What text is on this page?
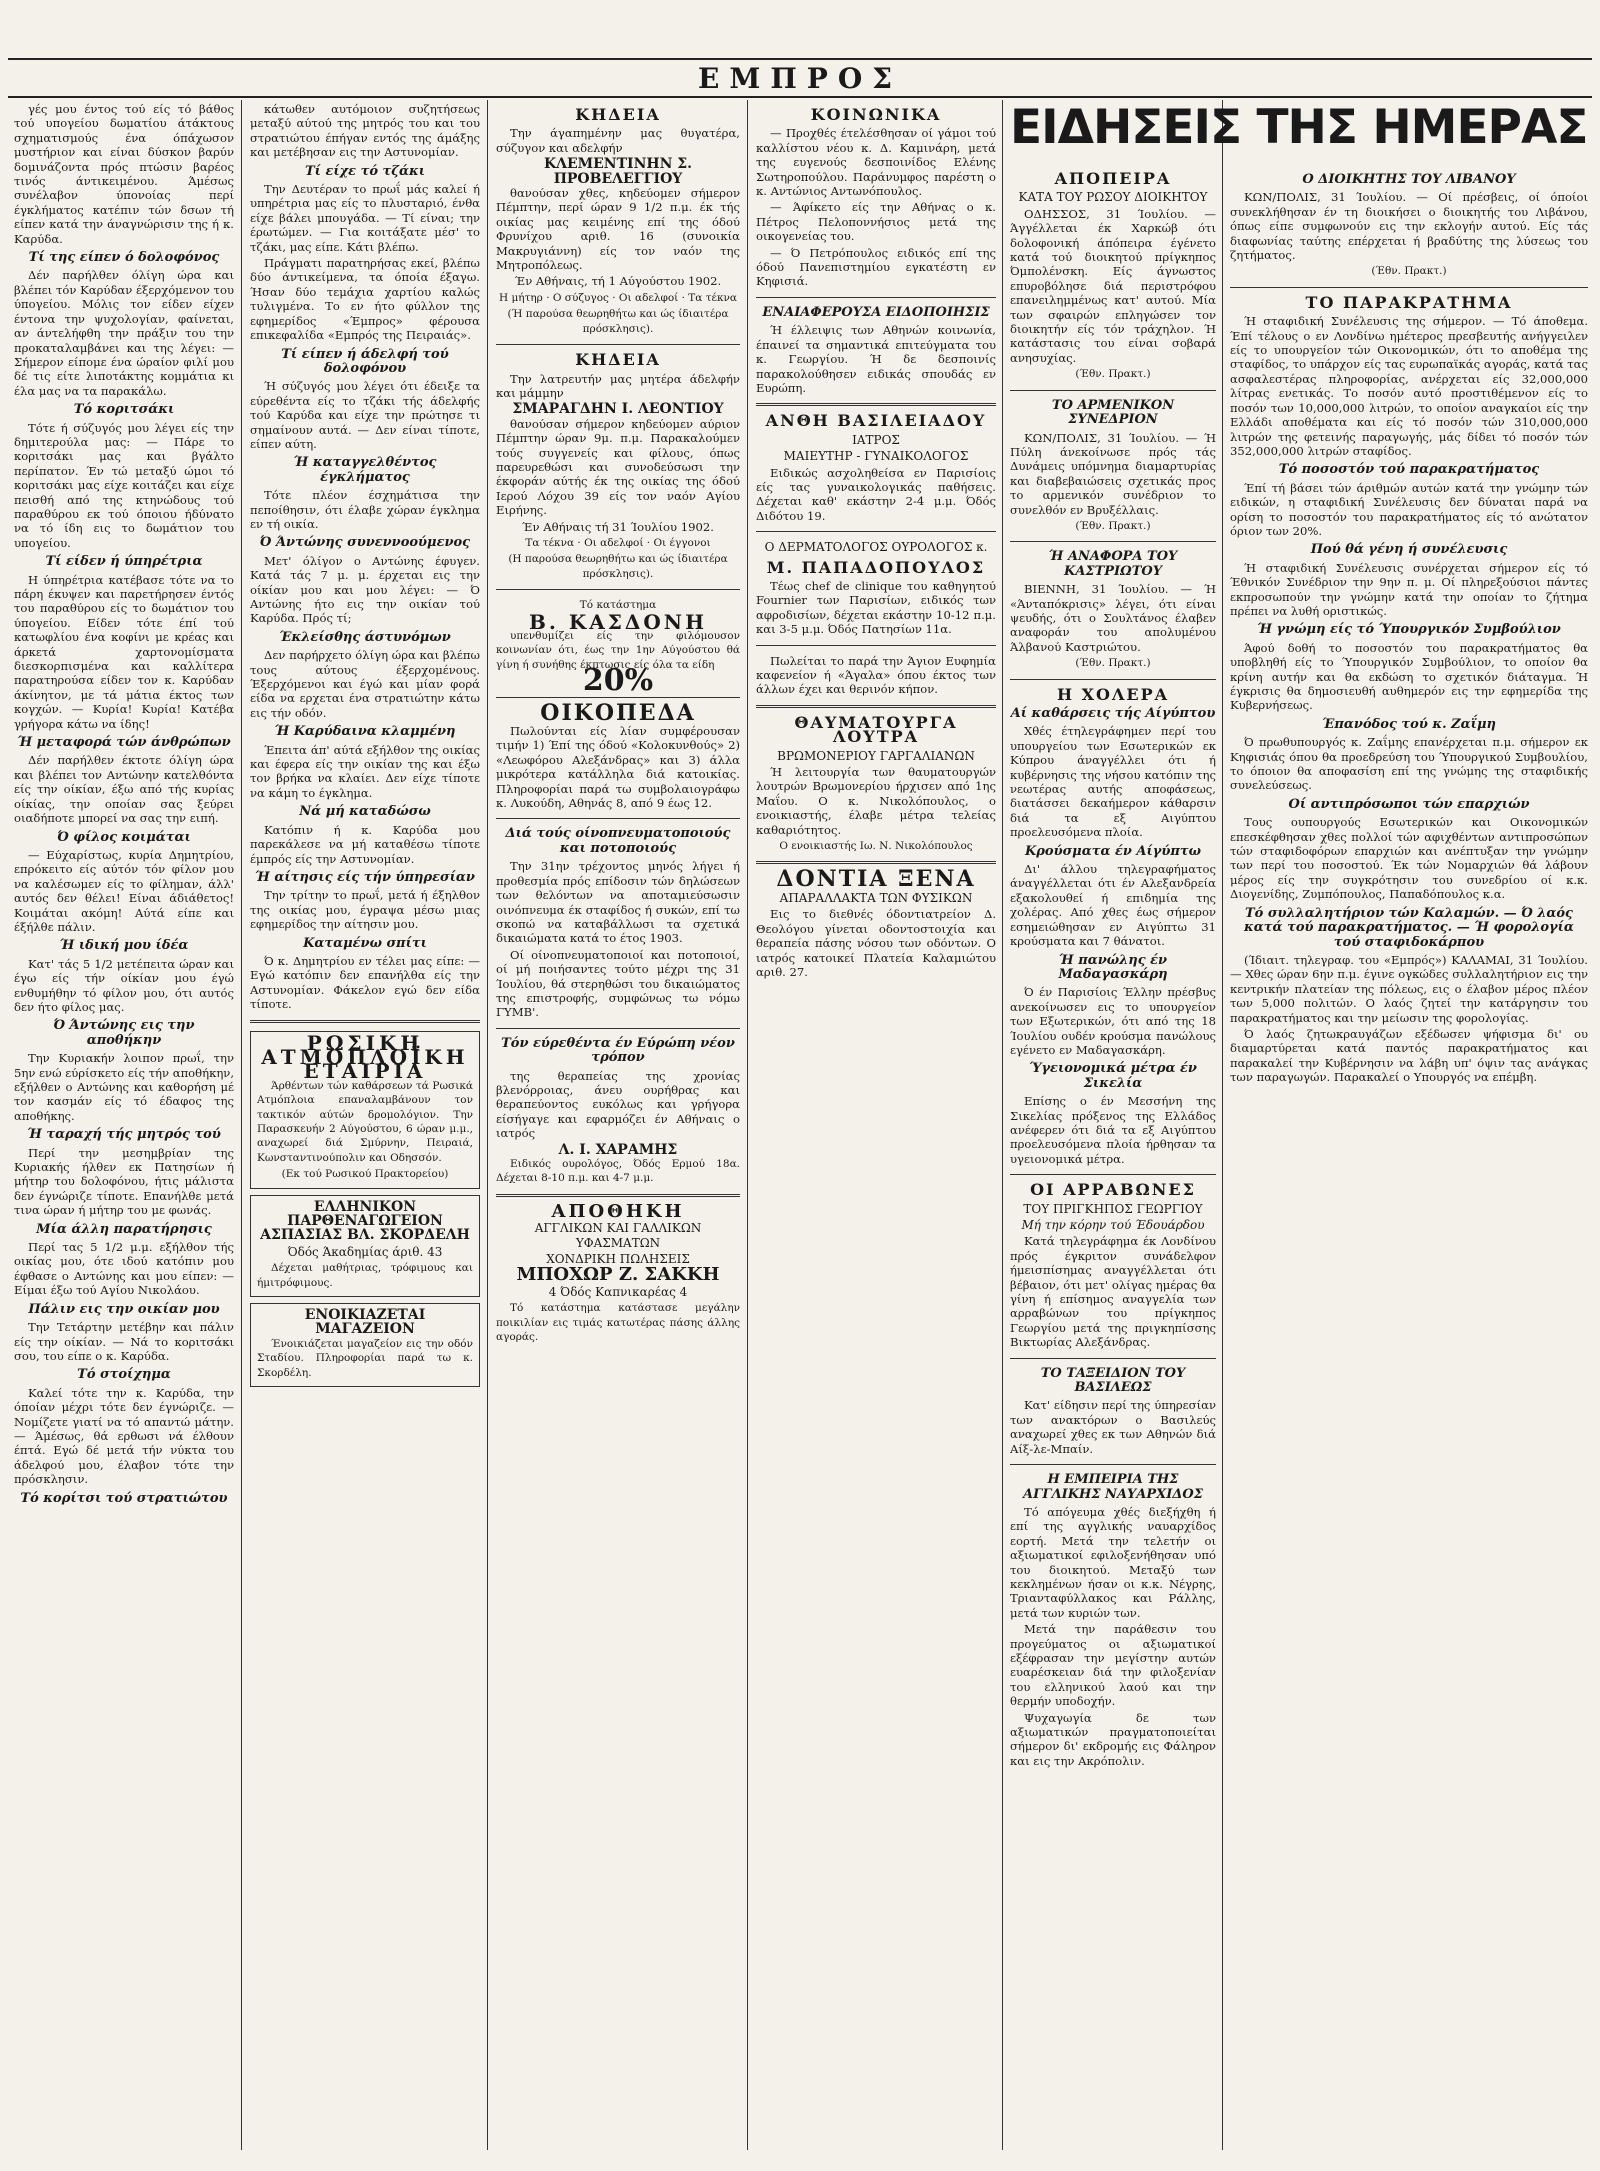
ΕΜΠΡΟΣ

γές μου έντος τού είς τό βάθος τού υπογείου δωματίου άτάκτους σχηματισμούς ένα όπάχωσον μυστήριον και είναι δύσκον βαρύν δομινάζοντα πρός πτώσιν βαρέος τινός άντικειμένου. Άμέσως συνέλαβον ύπονοίας περί έγκλήματος κατέπιν τών δσων τή είπεν κατά την άναγνώρισιν της ή κ. Καρύδα.

Τί της είπεν ό δολοφόνος

Δέν παρήλθεν όλίγη ώρα και βλέπει τόν Καρύδαν έξερχόμενον του ύπογείου. Μόλις τον είδεν είχεν έντονα την ψυχολογίαν, φαίνεται, αν άντελήφθη την πράξιν του την προκαταλαμβάνει και της λέγει: — Σήμερον είπομε ένα ώραίον φιλί μου δέ τις είτε λιποτάκτης κομμάτια κι έλα μας να τα παρακάλω.

Τό κοριτσάκι

Τότε ή σύζυγός μου λέγει είς την δημιτερούλα μας: — Πάρε το κοριτσάκι μας και βγάλτο περίπατον. Έν τώ μεταξύ ώμοι τό κοριτσάκι μας είχε κοιτάζει και είχε πεισθή από της κτηνώδους τού παραθύρου εκ τού όποιου ήδύνατο να τό ίδη εις το δωμάτιον του υπογείου.

Τί είδεν ή ύπηρέτρια

Η ύπηρέτρια κατέβασε τότε να το πάρη έκυψεν και παρετήρησεν έντός του παραθύρου είς το δωμάτιον του ύπογείου. Είδεν τότε έπί τού κατωφλίου ένα κοφίνι με κρέας και άρκετά χαρτονομίσματα διεσκορπισμένα και καλλίτερα παρατηρούσα είδεν τον κ. Καρύδαν άκίνητον, με τά μάτια έκτος των κογχών. — Κυρία! Κυρία! Κατέβα γρήγορα κάτω να ίδης!

Ή μεταφορά τών άνθρώπων

Δέν παρήλθεν έκτοτε όλίγη ώρα και βλέπει τον Αντώνην κατελθόντα είς την οίκίαν, έξω από τής κυρίας οίκίας, την οποίαν σας ξεύρει οιαδήποτε μπορεί να σας την ειπή.

Ό φίλος κοιμάται

— Εύχαρίστως, κυρία Δημητρίου, επρόκειτο είς αύτόν τόν φίλον μου να καλέσωμεν είς το φίλημαν, άλλ' αυτός δεν θέλει! Είναι άδιάθετος! Κοιμάται ακόμη! Αύτά είπε και έξήλθε πάλιν.

Ή ιδική μου ίδέα

Κατ' τάς 5 1/2 μετέπειτα ώραν και έγω είς τήν οίκίαν μου έγώ ενθυμήθην τό φίλον μου, ότι αυτός δεν ήτο φίλος μας.

Ό Άντώνης εις την αποθήκην

Την Κυριακήν λοιπον πρωΐ, την 5ην ενώ εύρίσκετο είς τήν αποθήκην, εξήλθεν ο Αντώνης και καθορήση μέ τον κασμάν είς τό έδαφος της αποθήκης.

Ή ταραχή τής μητρός τού

Περί την μεσημβρίαν της Κυριακής ήλθεν εκ Πατησίων ή μήτηρ του δολοφόνου, ήτις μάλιστα δεν έγνώριζε τίποτε. Επανήλθε μετά τινα ώραν ή μήτηρ του με φωνάς.

Μία άλλη παρατήρησις

Περί τας 5 1/2 μ.μ. εξήλθον τής οικίας μου, ότε ιδού κατόπιν μου έφθασε ο Αντώνης και μου είπεν: — Είμαι έξω τού Αγίου Νικολάου.

Πάλιν εις την οικίαν μου

Την Τετάρτην μετέβην και πάλιν είς την οίκίαν. — Νά το κοριτσάκι σου, του είπε ο κ. Καρύδα.

Τό στοίχημα

Καλεί τότε την κ. Καρύδα, την όποίαν μέχρι τότε δεν έγνώριζε. — Νομίζετε γιατί να τό απαντώ μάτην. — Άμέσως, θά ερθωσι νά έλθουν έπτά. Εγώ δέ μετά τήν νύκτα του άδελφού μου, έλαβον τότε την πρόσκλησιν.

Τό κορίτσι τού στρατιώτου

κάτωθεν αυτόμοιον συζητήσεως μεταξύ αύτού της μητρός του και του στρατιώτου έπήγαν εντός της άμάξης και μετέβησαν εις την Αστυνομίαν.

Τί είχε τό τζάκι

Την Δευτέραν το πρωΐ μάς καλεί ή υπηρέτρια μας είς το πλυσταριό, ένθα είχε βάλει μπουγάδα. — Τί είναι; την έρωτώμεν. — Για κοιτάξατε μέσ' το τζάκι, μας είπε. Κάτι βλέπω.

Πράγματι παρατηρήσας εκεί, βλέπω δύο άντικείμενα, τα όποία έξαγω. Ήσαν δύο τεμάχια χαρτίου καλώς τυλιγμένα. Το εν ήτο φύλλον της εφημερίδος «Έμπρος» φέρουσα επικεφαλίδα «Εμπρός της Πειραιάς».

Τί είπεν ή άδελφή τού δολοφόνου

Ή σύζυγός μου λέγει ότι έδειξε τα εύρεθέντα είς το τζάκι τής άδελφής τού Καρύδα και είχε την πρώτησε τι σημαίνουν αυτά. — Δεν είναι τίποτε, είπεν αύτη.

Ή καταγγελθέντος έγκλήματος

Τότε πλέον έσχημάτισα την πεποίθησιν, ότι έλαβε χώραν έγκλημα εν τή οικία.

Ό Άντώνης συνεννοούμενος

Μετ' όλίγον ο Αντώνης έφυγεν. Κατά τάς 7 μ. μ. έρχεται εις την οίκίαν μου και μου λέγει: — Ό Αντώνης ήτο εις την οικίαν τού Καρύδα. Πρός τί;

Έκλείσθης άστυνόμων

Δεν παρήρχετο όλίγη ώρα και βλέπω τους αύτους έξερχομένους. Έξερχόμενοι και έγώ και μίαν φορά είδα να ερχεται ένα στρατιώτην κάτω εις τήν οδόν.

Ή Καρύδαινα κλαμμένη

Έπειτα άπ' αύτά εξήλθον της οικίας και έφερα είς την οικίαν της και έξω τον βρήκα να κλαίει. Δεν είχε τίποτε να κάμη το έγκλημα.

Νά μή καταδώσω

Κατόπιν ή κ. Καρύδα μου παρεκάλεσε να μή καταθέσω τίποτε έμπρός είς την Αστυνομίαν.

Ή αίτησις είς τήν ύπηρεσίαν

Την τρίτην το πρωΐ, μετά ή έξηλθον της οικίας μου, έγραψα μέσω μιας εφημερίδος την αίτησιν μου.

Καταμένω σπίτι

Ό κ. Δημητρίου εν τέλει μας είπε: — Εγώ κατόπιν δεν επανήλθα είς την Αστυνομίαν. Φάκελον εγώ δεν είδα τίποτε.

ΡΩΣΙΚΗ ΑΤΜΟΠΛΟΪΚΗ ΕΤΑΙΡΙΑ

Άρθέντων τών καθάρσεων τά Ρωσικά Ατμόπλοια επαναλαμβάνουν τον τακτικόν αύτών δρομολόγιον. Την Παρασκευήν 2 Αύγούστου, 6 ώραν μ.μ., αναχωρεί διά Σμύρνην, Πειραιά, Κωνσταντινούπολιν και Οδησσόν.

(Εκ τού Ρωσικού Πρακτορείου)

ΕΛΛΗΝΙΚΟΝ ΠΑΡΘΕΝΑΓΩΓΕΙΟΝ
ΑΣΠΑΣΙΑΣ ΒΛ. ΣΚΟΡΔΕΛΗ
Όδός Άκαδημίας άριθ. 43

Δέχεται μαθήτριας, τρόφιμους και ήμιτρόφιμους.

ΕΝΟΙΚΙΑΖΕΤΑΙ ΜΑΓΑΖΕΙΟΝ

Ένοικιάζεται μαγαζείον εις την οδόν Σταδίου. Πληροφορίαι παρά τω κ. Σκορδέλη.

ΚΗΔΕΙΑ

Την άγαπημένην μας θυγατέρα, σύζυγον και αδελφήν

ΚΛΕΜΕΝΤΙΝΗΝ Σ. ΠΡΟΒΕΛΕΓΓΙΟΥ

θανούσαν χθες, κηδεύομεν σήμερον Πέμπτην, περί ώραν 9 1/2 π.μ. έκ τής οικίας μας κειμένης επί της όδού Φρυνίχου αριθ. 16 (συνοικία Μακρυγιάννη) είς τον ναόν της Μητροπόλεως.

Έν Αθήναις, τή 1 Αύγούστου 1902.

Η μήτηρ · Ο σύζυγος · Οι αδελφοί · Τα τέκνα

(Ή παρούσα θεωρηθήτω και ώς ίδιαιτέρα πρόσκλησις).

ΚΗΔΕΙΑ

Την λατρευτήν μας μητέρα άδελφήν και μάμμην

ΣΜΑΡΑΓΔΗΝ Ι. ΛΕΟΝΤΙΟΥ

θανούσαν σήμερον κηδεύομεν αύριον Πέμπτην ώραν 9μ. π.μ. Παρακαλούμεν τούς συγγενείς και φίλους, όπως παρευρεθώσι και συνοδεύσωσι την έκφοράν αύτής έκ της οικίας της όδού Ιερού Λόχου 39 είς τον ναόν Αγίου Ειρήνης.

Έν Αθήναις τή 31 Ίουλίου 1902.

Τα τέκνα · Οι αδελφοί · Οι έγγονοι

(Η παρούσα θεωρηθήτω και ώς ίδιαιτέρα πρόσκλησις).

Τό κατάστημα

Β. ΚΑΣΔΟΝΗ

υπενθυμίζει είς την φιλόμουσον κοινωνίαν ότι, έως την 1ην Αύγούστου θά γίνη ή συνήθης έκπτωσις είς όλα τα είδη

20%
ΟΙΚΟΠΕΔΑ

Πωλούνται είς λίαν συμφέρουσαν τιμήν 1) Έπί της όδού «Κολοκυνθούς» 2) «Λεωφόρου Αλεξάνδρας» και 3) άλλα μικρότερα κατάλληλα διά κατοικίας. Πληροφορίαι παρά τω συμβολαιογράφω κ. Λυκούδη, Αθηνάς 8, από 9 έως 12.

Διά τούς οίνοπνευματοποιούς και ποτοποιούς

Την 31ην τρέχοντος μηνός λήγει ή προθεσμία πρός επίδοσιν τών δηλώσεων των θελόντων να αποταμιεύσωσιν οινόπνευμα έκ σταφίδος ή συκών, επί τω σκοπώ να καταβάλλωσι τα σχετικά δικαιώματα κατά το έτος 1903.

Οί οίνοπνευματοποιοί και ποτοποιοί, οί μή ποιήσαντες τούτο μέχρι της 31 Ίουλίου, θά στερηθώσι του δικαιώματος της επιστροφής, συμφώνως τω νόμω ΓΥΜΒ'.

Τόν εύρεθέντα έν Εύρώπη νέον τρόπον

της θεραπείας της χρονίας βλενόρροιας, άνευ ουρήθρας και θεραπεύοντος ευκόλως και γρήγορα είσήγαγε και εφαρμόζει έν Αθήναις ο ιατρός

Λ. Ι. ΧΑΡΑΜΗΣ

Ειδικός ουρολόγος, Όδός Ερμού 18α. Δέχεται 8-10 π.μ. και 4-7 μ.μ.

ΑΠΟΘΗΚΗ
ΑΓΓΛΙΚΩΝ ΚΑΙ ΓΑΛΛΙΚΩΝ ΥΦΑΣΜΑΤΩΝ
ΧΟΝΔΡΙΚΗ ΠΩΛΗΣΕΙΣ
ΜΠΟΧΩΡ Ζ. ΣΑΚΚΗ
4 Όδός Καπνικαρέας 4

Τό κατάστημα κατάστασε μεγάλην ποικιλίαν εις τιμάς κατωτέρας πάσης άλλης αγοράς.

ΚΟΙΝΩΝΙΚΑ

— Προχθές έτελέσθησαν οί γάμοι τού καλλίστου νέου κ. Δ. Καμινάρη, μετά της ευγενούς δεσποινίδος Ελένης Σωτηροπούλου. Παράνυμφος παρέστη ο κ. Αντώνιος Αντωνόπουλος.

— Άφίκετο είς την Αθήνας ο κ. Πέτρος Πελοποννήσιος μετά της οικογενείας του.

— Ό Πετρόπουλος ειδικός επί της όδού Πανεπιστημίου εγκατέστη εν Κηφισιά.

ΕΝΑΙΑΦΕΡΟΥΣΑ ΕΙΔΟΠΟΙΗΣΙΣ

Ή έλλειψις των Αθηνών κοινωνία, έπαινεί τα σημαντικά επιτεύγματα του κ. Γεωργίου. Ή δε δεσποινίς παρακολούθησεν ειδικάς σπουδάς εν Ευρώπη.

ΑΝΘΗ ΒΑΣΙΛΕΙΑΔΟΥ
ΙΑΤΡΟΣ
ΜΑΙΕΥΤΗΡ - ΓΥΝΑΙΚΟΛΟΓΟΣ

Ειδικώς ασχοληθείσα εν Παρισίοις είς τας γυναικολογικάς παθήσεις. Δέχεται καθ' εκάστην 2-4 μ.μ. Όδός Διδότου 19.

Ο ΔΕΡΜΑΤΟΛΟΓΟΣ ΟΥΡΟΛΟΓΟΣ κ.
Μ. ΠΑΠΑΔΟΠΟΥΛΟΣ

Τέως chef de clinique του καθηγητού Fournier των Παρισίων, ειδικός των αφροδισίων, δέχεται εκάστην 10-12 π.μ. και 3-5 μ.μ. Όδός Πατησίων 11α.

Πωλείται το παρά την Άγιον Ευφημία καφενείον ή «Άγαλα» όπου έκτος των άλλων έχει και θερινόν κήπον.

ΘΑΥΜΑΤΟΥΡΓΑ ΛΟΥΤΡΑ
ΒΡΩΜΟΝΕΡΙΟΥ ΓΑΡΓΑΛΙΑΝΩΝ

Ή λειτουργία των θαυματουργών λουτρών Βρωμονερίου ήρχισεν από 1ης Μαΐου. Ο κ. Νικολόπουλος, ο ενοικιαστής, έλαβε μέτρα τελείας καθαριότητος.

Ο ενοικιαστής Ιω. Ν. Νικολόπουλος

ΔΟΝΤΙΑ ΞΕΝΑ
ΑΠΑΡΑΛΛΑΚΤΑ ΤΩΝ ΦΥΣΙΚΩΝ

Εις το διεθνές όδοντιατρείον Δ. Θεολόγου γίνεται οδοντοστοιχία και θεραπεία πάσης νόσου των οδόντων. Ο ιατρός κατοικεί Πλατεία Καλαμιώτου αριθ. 27.

ΕΙΔΗΣΕΙΣ ΤΗΣ ΗΜΕΡΑΣ
ΑΠΟΠΕΙΡΑ
ΚΑΤΑ ΤΟΥ ΡΩΣΟΥ ΔΙΟΙΚΗΤΟΥ

ΟΔΗΣΣΟΣ, 31 Ίουλίου. — Άγγέλλεται έκ Χαρκώβ ότι δολοφονική άπόπειρα έγένετο κατά τού διοικητού πρίγκηπος Όμπολένσκη. Είς άγνωστος επυροβόλησε διά περιστρόφου επανειλημμένως κατ' αυτού. Μία των σφαιρών επληγώσεν τον διοικητήν είς τόν τράχηλον. Ή κατάστασις του είναι σοβαρά ανησυχίας.

(Έθν. Πρακτ.)

ΤΟ ΑΡΜΕΝΙΚΟΝ ΣΥΝΕΔΡΙΟΝ

ΚΩΝ/ΠΟΛΙΣ, 31 Ίουλίου. — Ή Πύλη άνεκοίνωσε πρός τάς Δυνάμεις υπόμνημα διαμαρτυρίας και διαβεβαιώσεις σχετικάς προς το αρμενικόν συνέδριον το συνελθόν εν Βρυξέλλαις.

(Έθν. Πρακτ.)

Ή ΑΝΑΦΟΡΑ ΤΟΥ ΚΑΣΤΡΙΩΤΟΥ

ΒΙΕΝΝΗ, 31 Ίουλίου. — Ή «Άνταπόκρισις» λέγει, ότι είναι ψευδής, ότι ο Σουλτάνος έλαβεν αναφοράν του απολυμένου Άλβανού Καστριώτου.

(Έθν. Πρακτ.)

Η ΧΟΛΕΡΑ
Αί καθάρσεις τής Αίγύπτου

Χθές έτηλεγράφημεν περί του υπουργείου των Εσωτερικών εκ Κύπρου άναγγέλλει ότι ή κυβέρνησις της νήσου κατόπιν της νεωτέρας αυτής αποφάσεως, διατάσσει δεκαήμερον κάθαρσιν διά τα εξ Αιγύπτου προελευσόμενα πλοία.

Κρούσματα έν Αίγύπτω

Δι' άλλου τηλεγραφήματος άναγγέλλεται ότι έν Αλεξανδρεία εξακολουθεί ή επιδημία της χολέρας. Από χθες έως σήμερον εσημειώθησαν εν Αιγύπτω 31 κρούσματα και 7 θάνατοι.

Ή πανώλης έν Μαδαγασκάρη

Ό έν Παρισίοις Έλλην πρέσβυς ανεκοίνωσεν εις το υπουργείον των Εξωτερικών, ότι από της 18 Ίουλίου ουδέν κρούσμα πανώλους εγένετο εν Μαδαγασκάρη.

Ύγειονομικά μέτρα έν Σικελία

Επίσης ο έν Μεσσήνη της Σικελίας πρόξενος της Ελλάδος ανέφερεν ότι διά τα εξ Αιγύπτου προελευσόμενα πλοία ήρθησαν τα υγειονομικά μέτρα.

ΟΙ ΑΡΡΑΒΩΝΕΣ
ΤΟΥ ΠΡΙΓΚΗΠΟΣ ΓΕΩΡΓΙΟΥ
Μή την κόρην τού Έδουάρδου

Κατά τηλεγράφημα έκ Λονδίνου πρός έγκριτον συνάδελφον ήμεισπίσημας αναγγέλλεται ότι βέβαιον, ότι μετ' ολίγας ημέρας θα γίνη ή επίσημος αναγγελία των αρραβώνων του πρίγκηπος Γεωργίου μετά της πριγκηπίσσης Βικτωρίας Αλεξάνδρας.

ΤΟ ΤΑΞΕΙΔΙΟΝ ΤΟΥ ΒΑΣΙΛΕΩΣ

Κατ' είδησιν περί της ύπηρεσίαν των ανακτόρων ο Βασιλεύς αναχωρεί χθες εκ των Αθηνών διά Αίξ-λε-Μπαίν.

Η ΕΜΠΕΙΡΙΑ ΤΗΣ ΑΓΓΛΙΚΗΣ ΝΑΥΑΡΧΙΔΟΣ

Τό απόγευμα χθές διεξήχθη ή επί της αγγλικής ναυαρχίδος εορτή. Μετά την τελετήν οι αξιωματικοί εφιλοξενήθησαν υπό του διοικητού. Μεταξύ των κεκλημένων ήσαν οι κ.κ. Νέγρης, Τριανταφύλλακος και Ράλλης, μετά των κυριών των.

Μετά την παράθεσιν του προγεύματος οι αξιωματικοί εξέφρασαν την μεγίστην αυτών ευαρέσκειαν διά την φιλοξενίαν του ελληνικού λαού και την θερμήν υποδοχήν.

Ψυχαγωγία δε των αξιωματικών πραγματοποιείται σήμερον δι' εκδρομής εις Φάληρον και εις την Ακρόπολιν.

Ο ΔΙΟΙΚΗΤΗΣ ΤΟΥ ΛΙΒΑΝΟΥ

ΚΩΝ/ΠΟΛΙΣ, 31 Ίουλίου. — Οί πρέσβεις, οί όποίοι συνεκλήθησαν έν τη διοικήσει ο διοικητής του Λιβάνου, όπως είπε συμφωνούν εις την εκλογήν αυτού. Είς τάς διαφωνίας ταύτης επέρχεται ή βραδύτης της λύσεως του ζητήματος.

(Έθν. Πρακτ.)

ΤΟ ΠΑΡΑΚΡΑΤΗΜΑ

Ή σταφιδική Συνέλευσις της σήμερον. — Τό άποθεμα. Έπί τέλους ο εν Λονδίνω ημέτερος πρεσβευτής ανήγγειλεν είς το υπουργείον τών Οικονομικών, ότι το αποθέμα της σταφίδος, το υπάρχον είς τας ευρωπαϊκάς αγοράς, κατά τας ασφαλεστέρας πληροφορίας, ανέρχεται είς 32,000,000 λίτρας ενετικάς. Το ποσόν αυτό προστιθέμενον είς το ποσόν των 10,000,000 λιτρών, το οποίον αναγκαίοι είς την Ελλάδι αποθέματα και είς τό ποσόν τών 310,000,000 λιτρών της φετεινής παραγωγής, μάς δίδει τό ποσόν τών 352,000,000 λιτρών σταφίδος.

Τό ποσοστόν τού παρακρατήματος

Έπί τή βάσει τών άριθμών αυτών κατά την γνώμην τών ειδικών, η σταφιδική Συνέλευσις δεν δύναται παρά να ορίση το ποσοστόν του παρακρατήματος είς τό ανώτατον όριον των 20%.

Πού θά γένη ή συνέλευσις

Ή σταφιδική Συνέλευσις συνέρχεται σήμερον είς τό Έθνικόν Συνέδριον την 9ην π. μ. Οί πληρεξούσιοι πάντες εκπροσωπούν την γνώμην κατά την οποίαν το ζήτημα πρέπει να λυθή οριστικώς.

Ή γνώμη είς τό Ύπουργικόν Συμβούλιον

Άφού δοθή το ποσοστόν του παρακρατήματος θα υποβληθή είς το Ύπουργικόν Συμβούλιον, το οποίον θα κρίνη αυτήν και θα εκδώση το σχετικόν διάταγμα. Ή έγκρισις θα δημοσιευθή αυθημερόν εις την εφημερίδα της Κυβερνήσεως.

Έπανόδος τού κ. Ζαΐμη

Ό πρωθυπουργός κ. Ζαΐμης επανέρχεται π.μ. σήμερον εκ Κηφισιάς όπου θα προεδρεύση του Ύπουργικού Συμβουλίου, το όποιον θα αποφασίση επί της γνώμης της σταφιδικής συνελεύσεως.

Οί αντιπρόσωποι τών επαρχιών

Τους ουπουργούς Εσωτερικών και Οικονομικών επεσκέφθησαν χθες πολλοί τών αφιχθέντων αντιπροσώπων τών σταφιδοφόρων επαρχιών και ανέπτυξαν την γνώμην των περί του ποσοστού. Έκ τών Νομαρχιών θά λάβουν μέρος είς την συγκρότησιν του συνεδρίου οί κ.κ. Διογενίδης, Ζυμπόπουλος, Παπαδόπουλος κ.α.

Τό συλλαλητήριον τών Καλαμών. — Ό λαός κατά τού παρακρατήματος. — Ή φορολογία τού σταφιδοκάρπου

(Ίδιαιτ. τηλεγραφ. του «Εμπρός») ΚΑΛΑΜΑΙ, 31 Ίουλίου. — Χθες ώραν 6ην π.μ. έγινε ογκώδες συλλαλητήριον εις την κεντρικήν πλατείαν της πόλεως, εις ο έλαβον μέρος πλέον των 5,000 πολιτών. Ο λαός ζητεί την κατάργησιν του παρακρατήματος και την μείωσιν της φορολογίας.

Ό λαός ζητωκραυγάζων εξέδωσεν ψήφισμα δι' ου διαμαρτύρεται κατά παντός παρακρατήματος και παρακαλεί την Κυβέρνησιν να λάβη υπ' όψιν τας ανάγκας των παραγωγών. Παρακαλεί ο Υπουργός να επέμβη.
